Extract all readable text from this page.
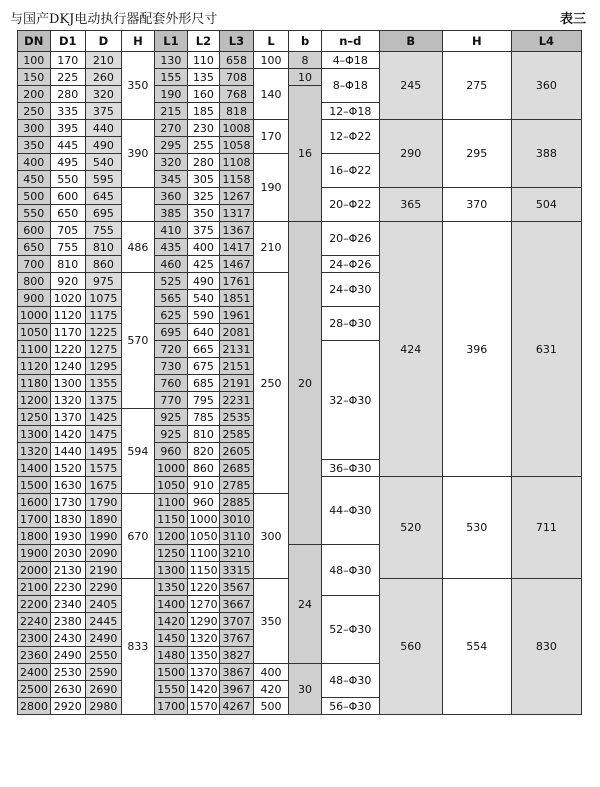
与国产DKJ电动执行器配套外形尺寸	表三
DN	D1	D	H	L1	L2	L3	L	b	n–d	B	H	L4
100	170	210	350	130	110	658	100	8	4–Φ18	245	275	360
150	225	260		155	135	708	140	10	8–Φ18			
200	280	320		190	160	768		16				
250	335	375		215	185	818			12–Φ18			
300	395	440	390	270	230	1008	170		12–Φ22	290	295	388
350	445	490		295	255	1058						
400	495	540		320	280	1108	190		16–Φ22			
450	550	595		345	305	1158						
500	600	645		360	325	1267			20–Φ22	365	370	504
550	650	695		385	350	1317						
600	705	755	486	410	375	1367	210	20	20–Φ26	424	396	631
650	755	810		435	400	1417						
700	810	860		460	425	1467			24–Φ26			
800	920	975	570	525	490	1761	250		24–Φ30			
900	1020	1075		565	540	1851						
1000	1120	1175		625	590	1961			28–Φ30			
1050	1170	1225		695	640	2081						
1100	1220	1275		720	665	2131			32–Φ30			
1120	1240	1295		730	675	2151						
1180	1300	1355		760	685	2191						
1200	1320	1375		770	795	2231						
1250	1370	1425	594	925	785	2535						
1300	1420	1475		925	810	2585						
1320	1440	1495		960	820	2605						
1400	1520	1575		1000	860	2685			36–Φ30			
1500	1630	1675		1050	910	2785			44–Φ30	520	530	711
1600	1730	1790	670	1100	960	2885	300					
1700	1830	1890		1150	1000	3010						
1800	1930	1990		1200	1050	3110						
1900	2030	2090		1250	1100	3210		24	48–Φ30			
2000	2130	2190		1300	1150	3315						
2100	2230	2290	833	1350	1220	3567	350			560	554	830
2200	2340	2405		1400	1270	3667			52–Φ30			
2240	2380	2445		1420	1290	3707						
2300	2430	2490		1450	1320	3767						
2360	2490	2550		1480	1350	3827						
2400	2530	2590		1500	1370	3867	400	30	48–Φ30			
2500	2630	2690		1550	1420	3967	420					
2800	2920	2980		1700	1570	4267	500		56–Φ30			
